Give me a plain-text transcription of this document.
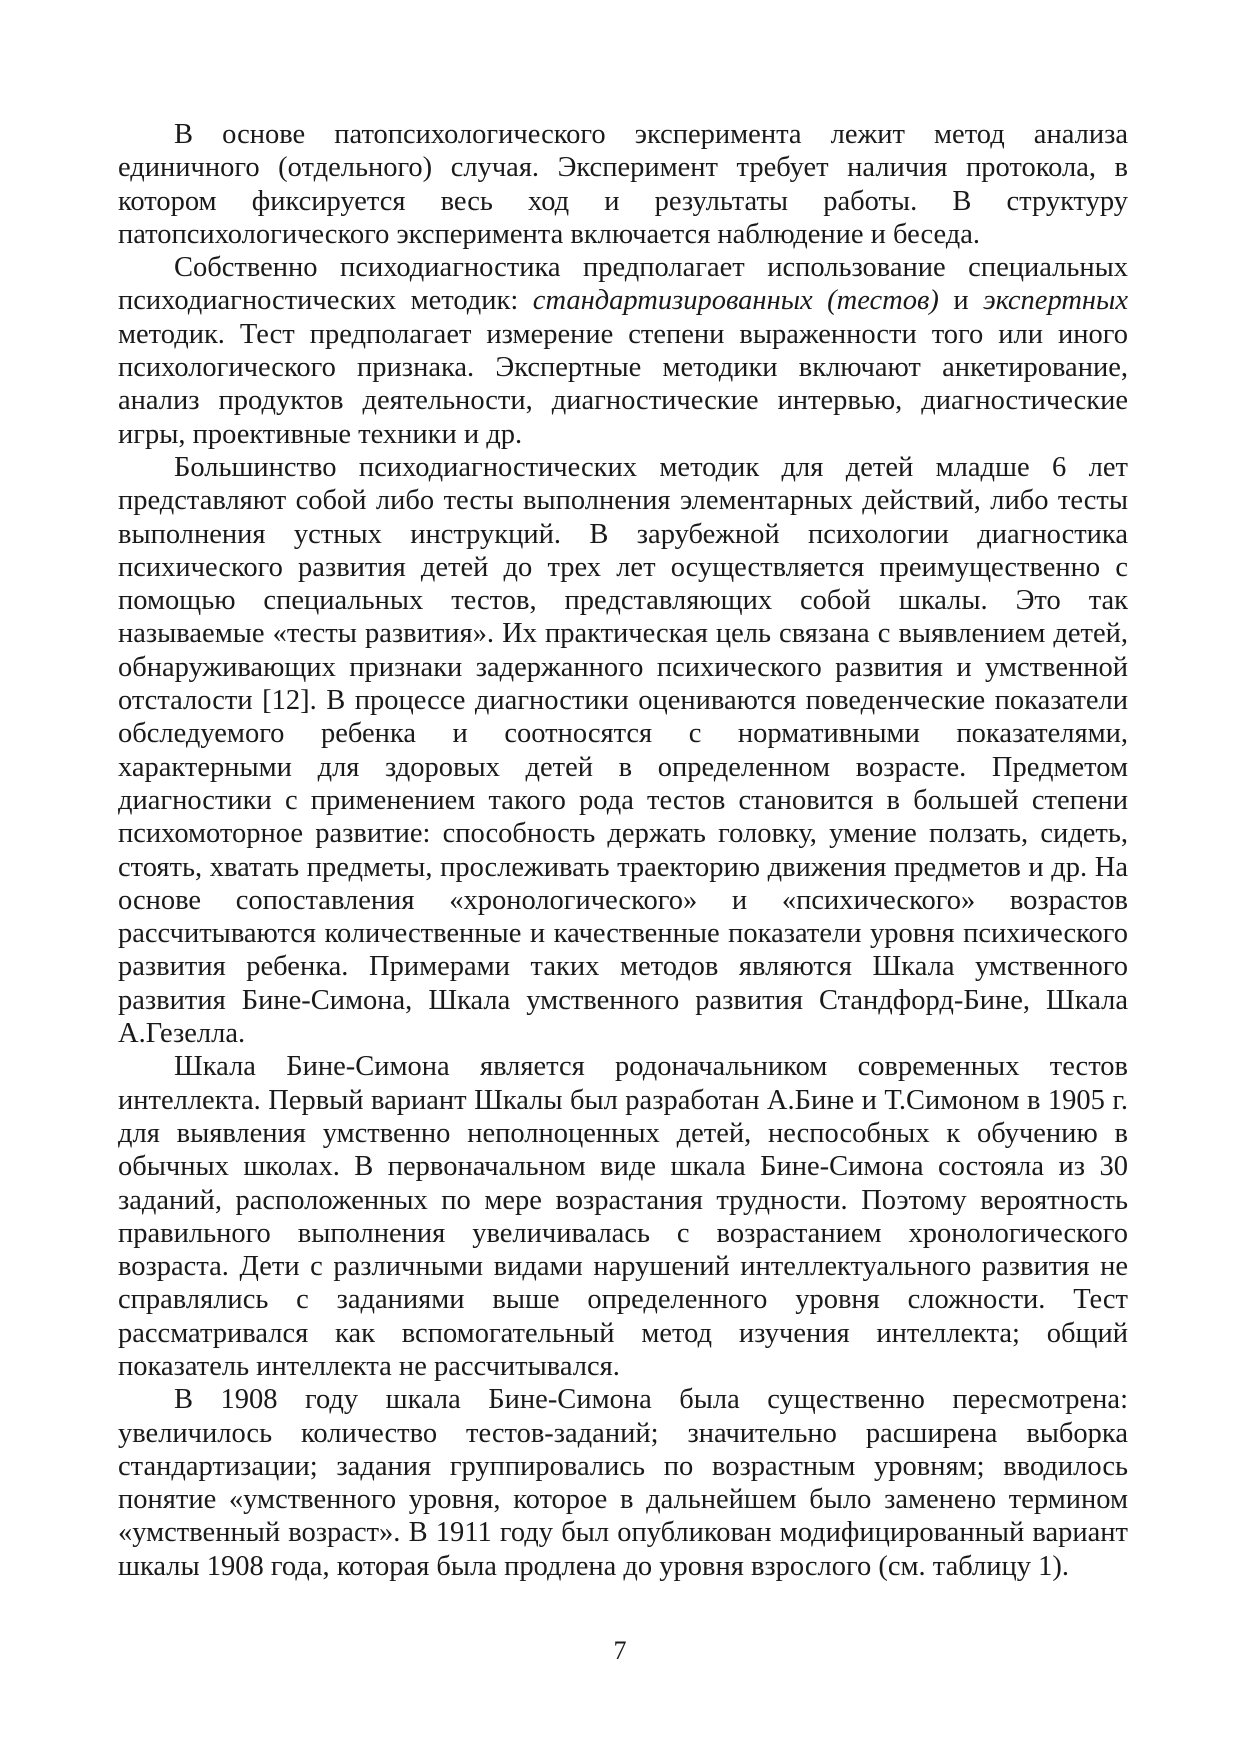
В основе патопсихологического эксперимента лежит метод анализа единичного (отдельного) случая. Эксперимент требует наличия протокола, в котором фиксируется весь ход и результаты работы. В структуру патопсихологического эксперимента включается наблюдение и беседа.

Собственно психодиагностика предполагает использование специальных психодиагностических методик: стандартизированных (тестов) и экспертных методик. Тест предполагает измерение степени выраженности того или иного психологического признака. Экспертные методики включают анкетирование, анализ продуктов деятельности, диагностические интервью, диагностические игры, проективные техники и др.

Большинство психодиагностических методик для детей младше 6 лет представляют собой либо тесты выполнения элементарных действий, либо тесты выполнения устных инструкций. В зарубежной психологии диагностика психического развития детей до трех лет осуществляется преимущественно с помощью специальных тестов, представляющих собой шкалы. Это так называемые «тесты развития». Их практическая цель связана с выявлением детей, обнаруживающих признаки задержанного психического развития и умственной отсталости [12]. В процессе диагностики оцениваются поведенческие показатели обследуемого ребенка и соотносятся с нормативными показателями, характерными для здоровых детей в определенном возрасте. Предметом диагностики с применением такого рода тестов становится в большей степени психомоторное развитие: способность держать головку, умение ползать, сидеть, стоять, хватать предметы, прослеживать траекторию движения предметов и др. На основе сопоставления «хронологического» и «психического» возрастов рассчитываются количественные и качественные показатели уровня психического развития ребенка. Примерами таких методов являются Шкала умственного развития Бине-Симона, Шкала умственного развития Стандфорд-Бине, Шкала А.Гезелла.

Шкала Бине-Симона является родоначальником современных тестов интеллекта. Первый вариант Шкалы был разработан А.Бине и Т.Симоном в 1905 г. для выявления умственно неполноценных детей, неспособных к обучению в обычных школах. В первоначальном виде шкала Бине-Симона состояла из 30 заданий, расположенных по мере возрастания трудности. Поэтому вероятность правильного выполнения увеличивалась с возрастанием хронологического возраста. Дети с различными видами нарушений интеллектуального развития не справлялись с заданиями выше определенного уровня сложности. Тест рассматривался как вспомогательный метод изучения интеллекта; общий показатель интеллекта не рассчитывался.

В 1908 году шкала Бине-Симона была существенно пересмотрена: увеличилось количество тестов-заданий; значительно расширена выборка стандартизации; задания группировались по возрастным уровням; вводилось понятие «умственного уровня, которое в дальнейшем было заменено термином «умственный возраст». В 1911 году был опубликован модифицированный вариант шкалы 1908 года, которая была продлена до уровня взрослого (см. таблицу 1).

7
